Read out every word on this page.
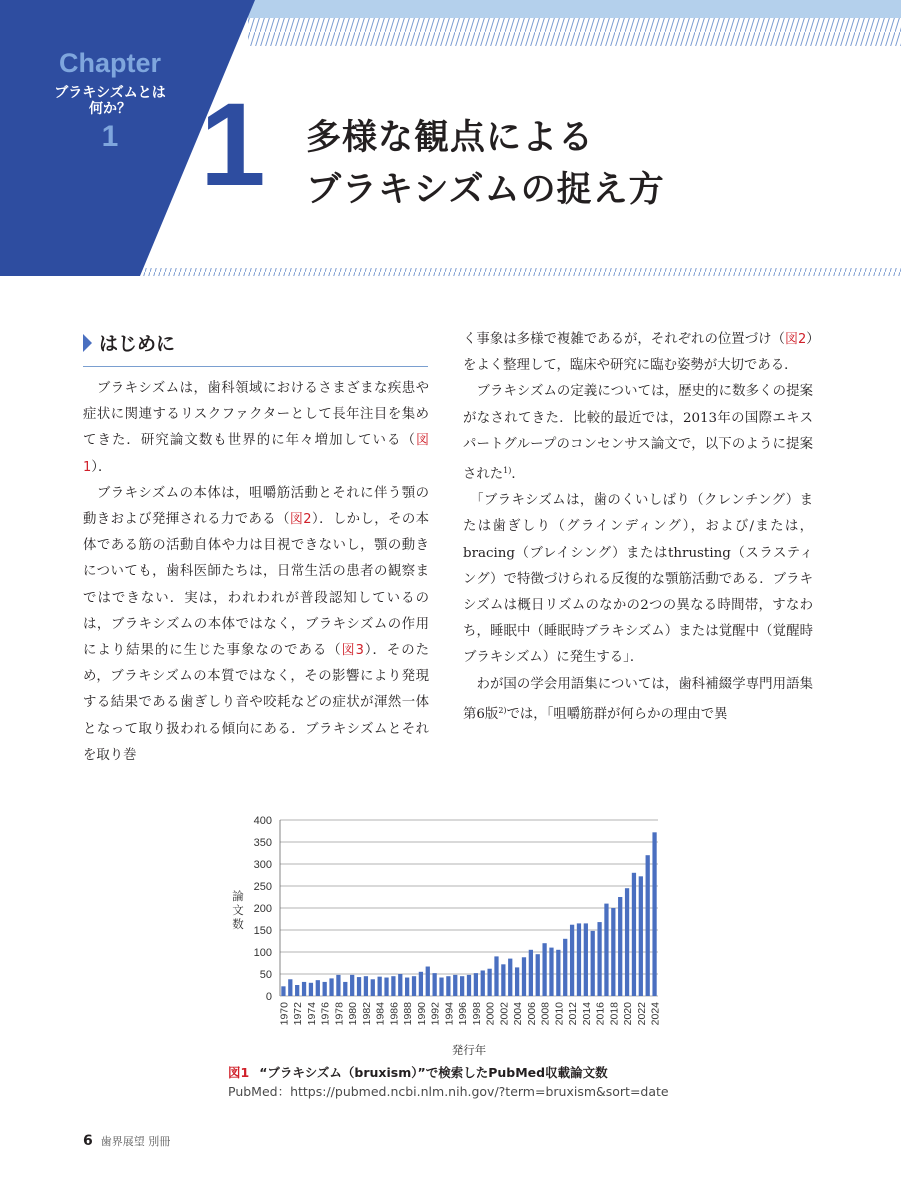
Chapter
ブラキシズムとは
何か？
1 1 多様な観点による
ブラキシズムの捉え方
はじめに

　ブラキシズムは，歯科領域におけるさまざまな疾患や症状に関連するリスクファクターとして長年注目を集めてきた．研究論文数も世界的に年々増加している（図1）．

　ブラキシズムの本体は，咀嚼筋活動とそれに伴う顎の動きおよび発揮される力である（図2）．しかし，その本体である筋の活動自体や力は目視できないし，顎の動きについても，歯科医師たちは，日常生活の患者の観察まではできない．実は，われわれが普段認知しているのは，ブラキシズムの本体ではなく，ブラキシズムの作用により結果的に生じた事象なのである（図3）．そのため，ブラキシズムの本質ではなく，その影響により発現する結果である歯ぎしり音や咬耗などの症状が渾然一体となって取り扱われる傾向にある．ブラキシズムとそれを取り巻

く事象は多様で複雑であるが，それぞれの位置づけ（図2）をよく整理して，臨床や研究に臨む姿勢が大切である．

　ブラキシズムの定義については，歴史的に数多くの提案がなされてきた．比較的最近では，2013年の国際エキスパートグループのコンセンサス論文で，以下のように提案された$^{1)}$．

　「ブラキシズムは，歯のくいしばり（クレンチング）または歯ぎしり（グラインディング），および/または，bracing（ブレイシング）またはthrusting（スラスティング）で特徴づけられる反復的な顎筋活動である．ブラキシズムは概日リズムのなかの2つの異なる時間帯，すなわち，睡眠中（睡眠時ブラキシズム）または覚醒中（覚醒時ブラキシズム）に発生する」．

　わが国の学会用語集については，歯科補綴学専門用語集第6版$^{2)}$では，「咀嚼筋群が何らかの理由で異

0
50
100
150
200
250
300
350
400
1970 1972 1974 1976 1978 1980 1982 1984 1986 1988 1990 1992 1994 1996 1998 2000 2002 2004 2006 2008 2010 2012 2014 2016 2018 2020 2022 2024
発行年
論
文
数
図1 “ブラキシズム（bruxism）”で検索したPubMed収載論文数
PubMed：https://pubmed.ncbi.nlm.nih.gov/?term=bruxism&sort=date
6 歯界展望 別冊
